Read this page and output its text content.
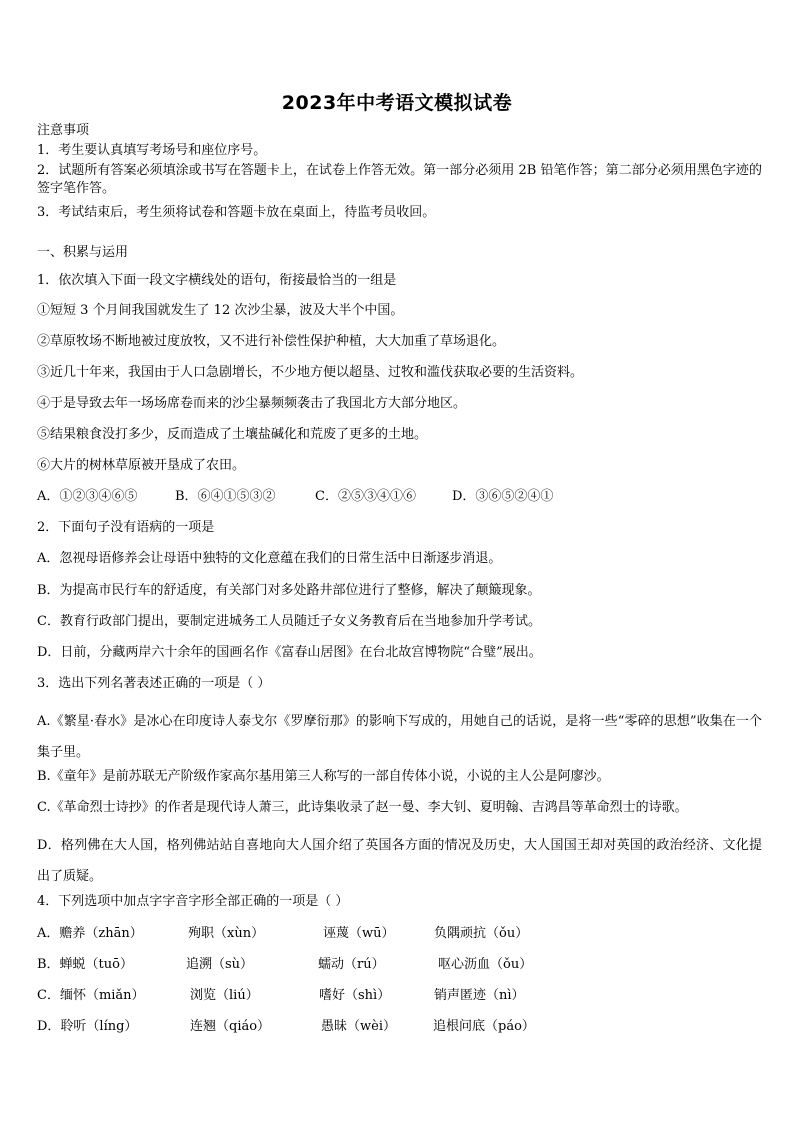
2023年中考语文模拟试卷
注意事项
1．考生要认真填写考场号和座位序号。
2．试题所有答案必须填涂或书写在答题卡上，在试卷上作答无效。第一部分必须用 2B 铅笔作答；第二部分必须用黑色字迹的签字笔作答。
3．考试结束后，考生须将试卷和答题卡放在桌面上，待监考员收回。
一、积累与运用
1．依次填入下面一段文字横线处的语句，衔接最恰当的一组是
①短短 3 个月间我国就发生了 12 次沙尘暴，波及大半个中国。
②草原牧场不断地被过度放牧，又不进行补偿性保护种植，大大加重了草场退化。
③近几十年来，我国由于人口急剧增长，不少地方便以超垦、过牧和滥伐获取必要的生活资料。
④于是导致去年一场场席卷而来的沙尘暴频频袭击了我国北方大部分地区。
⑤结果粮食没打多少，反而造成了土壤盐碱化和荒废了更多的土地。
⑥大片的树林草原被开垦成了农田。
A．①②③④⑥⑤	B．⑥④①⑤③②	C．②⑤③④①⑥	D．③⑥⑤②④①
2．下面句子没有语病的一项是
A．忽视母语修养会让母语中独特的文化意蕴在我们的日常生活中日渐逐步消退。
B．为提高市民行车的舒适度，有关部门对多处路井部位进行了整修，解决了颠簸现象。
C．教育行政部门提出，要制定进城务工人员随迁子女义务教育后在当地参加升学考试。
D．日前，分藏两岸六十余年的国画名作《富春山居图》在台北故宫博物院“合璧”展出。
3．选出下列名著表述正确的一项是（ ）
A.《繁星·春水》是冰心在印度诗人泰戈尔《罗摩衍那》的影响下写成的，用她自己的话说，是将一些“零碎的思想”收集在一个集子里。
B.《童年》是前苏联无产阶级作家高尔基用第三人称写的一部自传体小说，小说的主人公是阿廖沙。
C.《革命烈士诗抄》的作者是现代诗人萧三，此诗集收录了赵一曼、李大钊、夏明翰、吉鸿昌等革命烈士的诗歌。
D．格列佛在大人国，格列佛站站自喜地向大人国介绍了英国各方面的情况及历史，大人国国王却对英国的政治经济、文化提出了质疑。
4．下列选项中加点字字音字形全部正确的一项是（ ）
A．赡养（zhān）	殉职（xùn）	诬蔑（wū）	负隅顽抗（ǒu）
B．蝉蜕（tuō）	追溯（sù）	蠕动（rú）	呕心沥血（ǒu）
C．缅怀（miǎn）	浏览（liú）	嗜好（shì）	销声匿迹（nì）
D．聆听（líng）	连翘（qiáo）	愚昧（wèi）	追根问底（páo）
